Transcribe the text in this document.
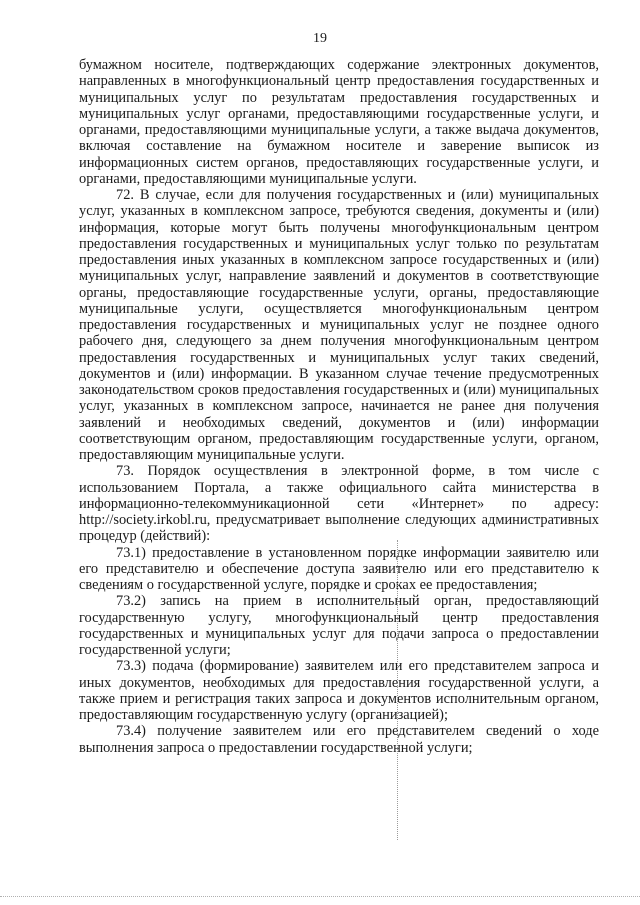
19

бумажном носителе, подтверждающих содержание электронных документов, направленных в многофункциональный центр предоставления государственных и муниципальных услуг по результатам предоставления государственных и муниципальных услуг органами, предоставляющими государственные услуги, и органами, предоставляющими муниципальные услуги, а также выдача документов, включая составление на бумажном носителе и заверение выписок из информационных систем органов, предоставляющих государственные услуги, и органами, предоставляющими муниципальные услуги.

72. В случае, если для получения государственных и (или) муниципальных услуг, указанных в комплексном запросе, требуются сведения, документы и (или) информация, которые могут быть получены многофункциональным центром предоставления государственных и муниципальных услуг только по результатам предоставления иных указанных в комплексном запросе государственных и (или) муниципальных услуг, направление заявлений и документов в соответствующие органы, предоставляющие государственные услуги, органы, предоставляющие муниципальные услуги, осуществляется многофункциональным центром предоставления государственных и муниципальных услуг не позднее одного рабочего дня, следующего за днем получения многофункциональным центром предоставления государственных и муниципальных услуг таких сведений, документов и (или) информации. В указанном случае течение предусмотренных законодательством сроков предоставления государственных и (или) муниципальных услуг, указанных в комплексном запросе, начинается не ранее дня получения заявлений и необходимых сведений, документов и (или) информации соответствующим органом, предоставляющим государственные услуги, органом, предоставляющим муниципальные услуги.

73. Порядок осуществления в электронной форме, в том числе с использованием Портала, а также официального сайта министерства в информационно-телекоммуникационной сети «Интернет» по адресу: http://society.irkobl.ru, предусматривает выполнение следующих административных процедур (действий):

73.1) предоставление в установленном порядке информации заявителю или его представителю и обеспечение доступа заявителю или его представителю к сведениям о государственной услуге, порядке и сроках ее предоставления;

73.2) запись на прием в исполнительный орган, предоставляющий государственную услугу, многофункциональный центр предоставления государственных и муниципальных услуг для подачи запроса о предоставлении государственной услуги;

73.3) подача (формирование) заявителем или его представителем запроса и иных документов, необходимых для предоставления государственной услуги, а также прием и регистрация таких запроса и документов исполнительным органом, предоставляющим государственную услугу (организацией);

73.4) получение заявителем или его представителем сведений о ходе выполнения запроса о предоставлении государственной услуги;
